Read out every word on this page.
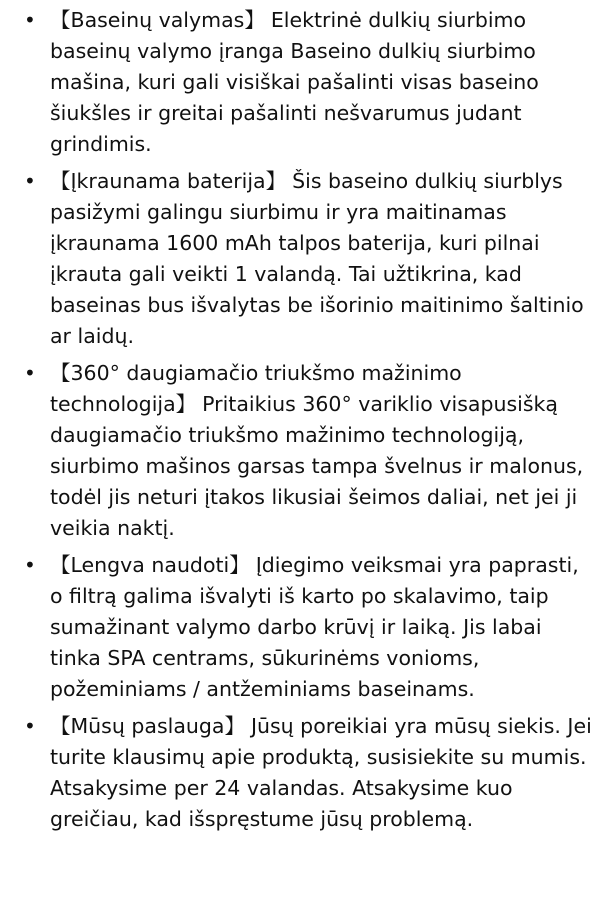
• 【Baseinų valymas】 Elektrinė dulkių siurbimo baseinų valymo įranga Baseino dulkių siurbimo mašina, kuri gali visiškai pašalinti visas baseino šiukšles ir greitai pašalinti nešvarumus judant grindimis.
• 【Įkraunama baterija】 Šis baseino dulkių siurblys pasižymi galingu siurbimu ir yra maitinamas įkraunama 1600 mAh talpos baterija, kuri pilnai įkrauta gali veikti 1 valandą. Tai užtikrina, kad baseinas bus išvalytas be išorinio maitinimo šaltinio ar laidų.
• 【360° daugiamačio triukšmo mažinimo technologija】 Pritaikius 360° variklio visapusišką daugiamačio triukšmo mažinimo technologiją, siurbimo mašinos garsas tampa švelnus ir malonus, todėl jis neturi įtakos likusiai šeimos daliai, net jei ji veikia naktį.
• 【Lengva naudoti】 Įdiegimo veiksmai yra paprasti, o filtrą galima išvalyti iš karto po skalavimo, taip sumažinant valymo darbo krūvį ir laiką. Jis labai tinka SPA centrams, sūkurinėms vonioms, požeminiams / antžeminiams baseinams.
• 【Mūsų paslauga】 Jūsų poreikiai yra mūsų siekis. Jei turite klausimų apie produktą, susisiekite su mumis. Atsakysime per 24 valandas. Atsakysime kuo greičiau, kad išspręstume jūsų problemą.
